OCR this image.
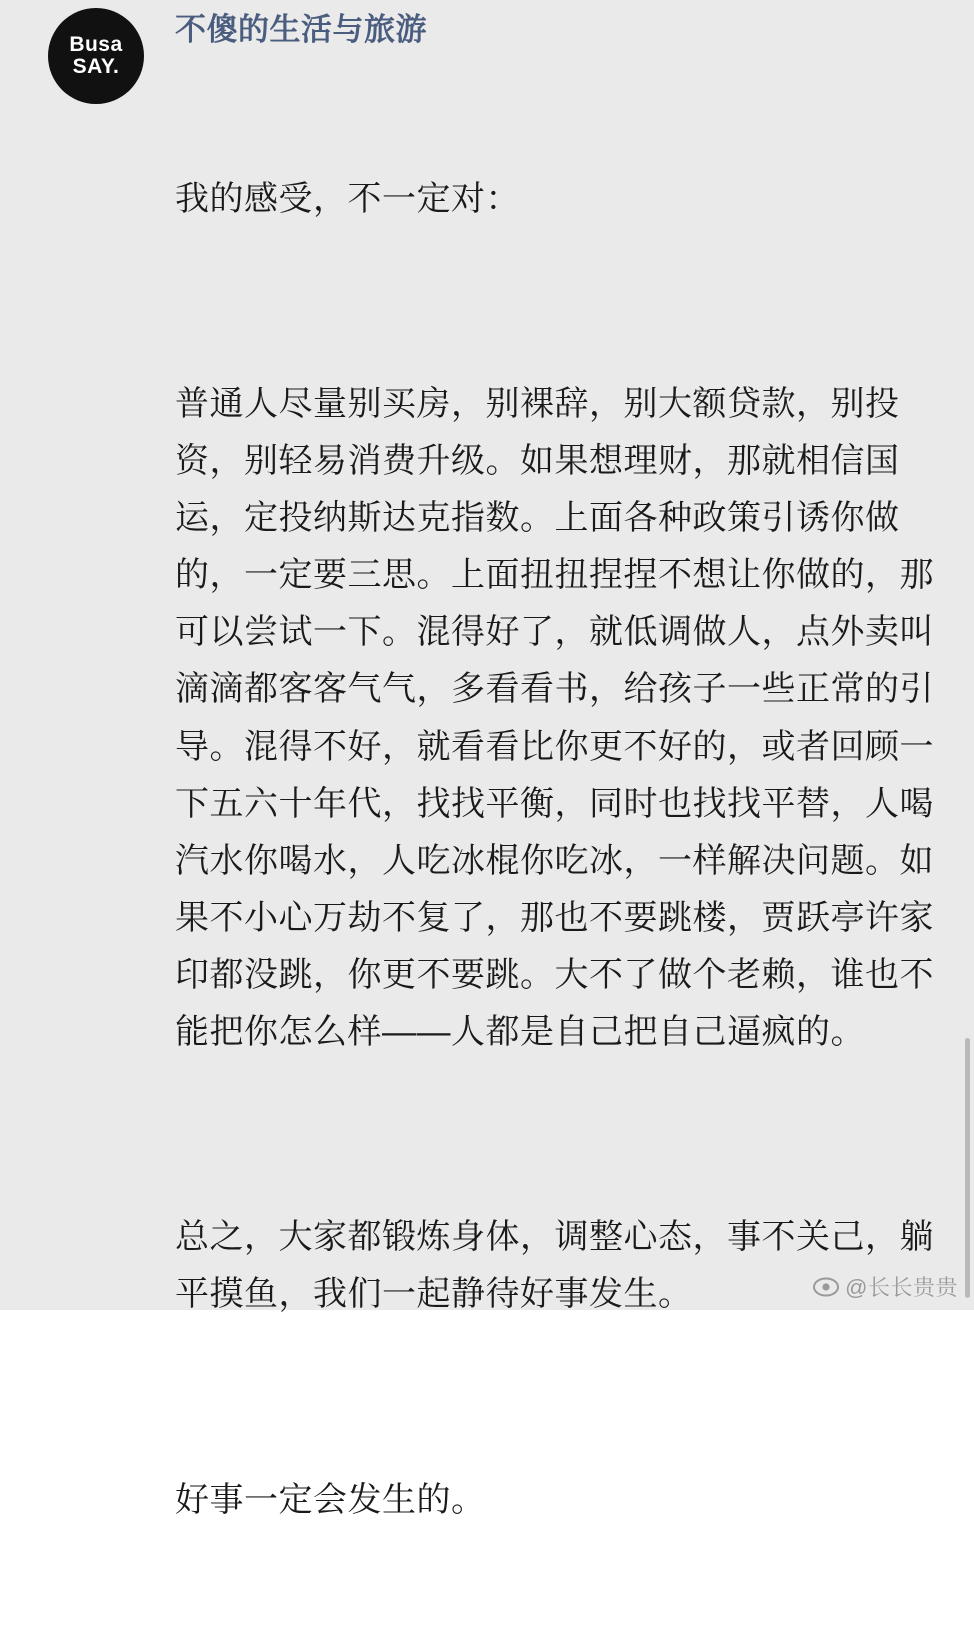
Busa
SAY.
不傻的生活与旅游

我的感受，不一定对：

普通人尽量别买房，别裸辞，别大额贷款，别投资，别轻易消费升级。如果想理财，那就相信国运，定投纳斯达克指数。上面各种政策引诱你做的，一定要三思。上面扭扭捏捏不想让你做的，那可以尝试一下。混得好了，就低调做人，点外卖叫滴滴都客客气气，多看看书，给孩子一些正常的引导。混得不好，就看看比你更不好的，或者回顾一下五六十年代，找找平衡，同时也找找平替，人喝汽水你喝水，人吃冰棍你吃冰，一样解决问题。如果不小心万劫不复了，那也不要跳楼，贾跃亭许家印都没跳，你更不要跳。大不了做个老赖，谁也不能把你怎么样——人都是自己把自己逼疯的。

总之，大家都锻炼身体，调整心态，事不关己，躺平摸鱼，我们一起静待好事发生。

好事一定会发生的。

@长长贵贵
